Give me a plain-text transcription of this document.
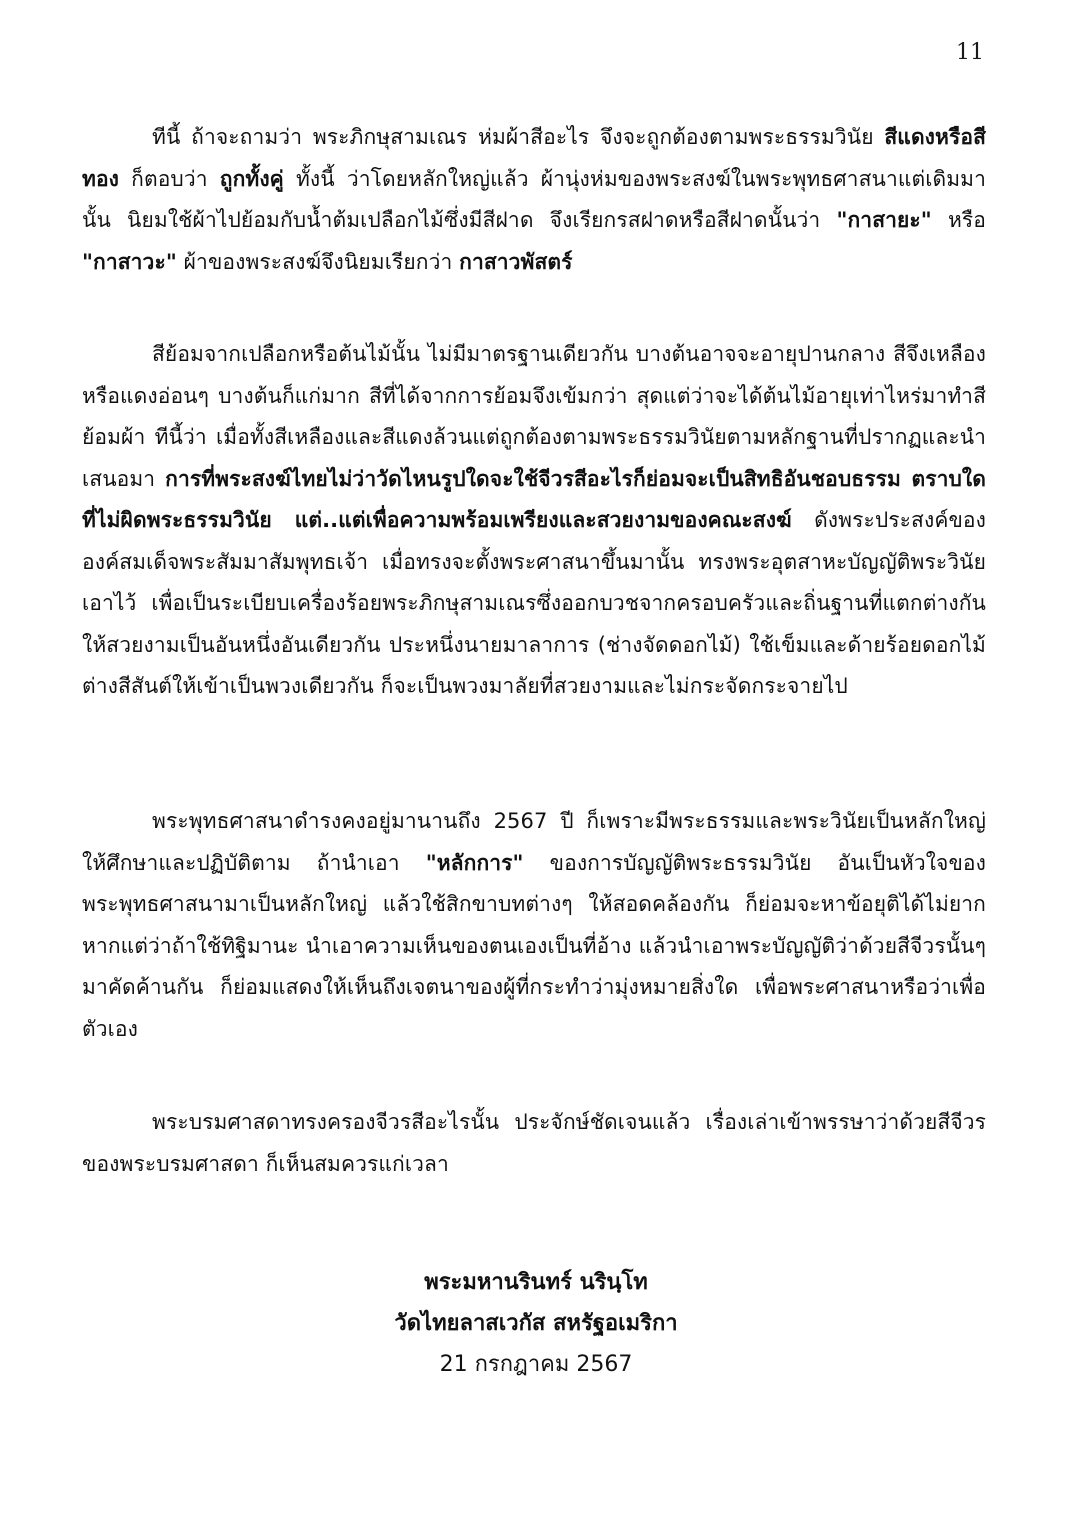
11

ทีนี้ ถ้าจะถามว่า พระภิกษุสามเณร ห่มผ้าสีอะไร จึงจะถูกต้องตามพระธรรมวินัย สีแดงหรือสีทอง ก็ตอบว่า ถูกทั้งคู่ ทั้งนี้ ว่าโดยหลักใหญ่แล้ว ผ้านุ่งห่มของพระสงฆ์ในพระพุทธศาสนาแต่เดิมมานั้น นิยมใช้ผ้าไปย้อมกับน้ำต้มเปลือกไม้ซึ่งมีสีฝาด จึงเรียกรสฝาดหรือสีฝาดนั้นว่า "กาสายะ" หรือ "กาสาวะ" ผ้าของพระสงฆ์จึงนิยมเรียกว่า กาสาวพัสตร์

สีย้อมจากเปลือกหรือต้นไม้นั้น ไม่มีมาตรฐานเดียวกัน บางต้นอาจจะอายุปานกลาง สีจึงเหลืองหรือแดงอ่อนๆ บางต้นก็แก่มาก สีที่ได้จากการย้อมจึงเข้มกว่า สุดแต่ว่าจะได้ต้นไม้อายุเท่าไหร่มาทำสีย้อมผ้า ทีนี้ว่า เมื่อทั้งสีเหลืองและสีแดงล้วนแต่ถูกต้องตามพระธรรมวินัยตามหลักฐานที่ปรากฏและนำเสนอมา การที่พระสงฆ์ไทยไม่ว่าวัดไหนรูปใดจะใช้จีวรสีอะไรก็ย่อมจะเป็นสิทธิอันชอบธรรม ตราบใดที่ไม่ผิดพระธรรมวินัย แต่..แต่เพื่อความพร้อมเพรียงและสวยงามของคณะสงฆ์ ดังพระประสงค์ขององค์สมเด็จพระสัมมาสัมพุทธเจ้า เมื่อทรงจะตั้งพระศาสนาขึ้นมานั้น ทรงพระอุตสาหะบัญญัติพระวินัยเอาไว้ เพื่อเป็นระเบียบเครื่องร้อยพระภิกษุสามเณรซึ่งออกบวชจากครอบครัวและถิ่นฐานที่แตกต่างกัน ให้สวยงามเป็นอันหนึ่งอันเดียวกัน ประหนึ่งนายมาลาการ (ช่างจัดดอกไม้) ใช้เข็มและด้ายร้อยดอกไม้ต่างสีสันต์ให้เข้าเป็นพวงเดียวกัน ก็จะเป็นพวงมาลัยที่สวยงามและไม่กระจัดกระจายไป

พระพุทธศาสนาดำรงคงอยู่มานานถึง 2567 ปี ก็เพราะมีพระธรรมและพระวินัยเป็นหลักใหญ่ให้ศึกษาและปฏิบัติตาม ถ้านำเอา "หลักการ" ของการบัญญัติพระธรรมวินัย อันเป็นหัวใจของพระพุทธศาสนามาเป็นหลักใหญ่ แล้วใช้สิกขาบทต่างๆ ให้สอดคล้องกัน ก็ย่อมจะหาข้อยุติได้ไม่ยาก หากแต่ว่าถ้าใช้ทิฐิมานะ นำเอาความเห็นของตนเองเป็นที่อ้าง แล้วนำเอาพระบัญญัติว่าด้วยสีจีวรนั้นๆ มาคัดค้านกัน ก็ย่อมแสดงให้เห็นถึงเจตนาของผู้ที่กระทำว่ามุ่งหมายสิ่งใด เพื่อพระศาสนาหรือว่าเพื่อตัวเอง

พระบรมศาสดาทรงครองจีวรสีอะไรนั้น ประจักษ์ชัดเจนแล้ว เรื่องเล่าเข้าพรรษาว่าด้วยสีจีวรของพระบรมศาสดา ก็เห็นสมควรแก่เวลา

พระมหานรินทร์ นรินฺโท
วัดไทยลาสเวกัส สหรัฐอเมริกา
21 กรกฎาคม 2567
